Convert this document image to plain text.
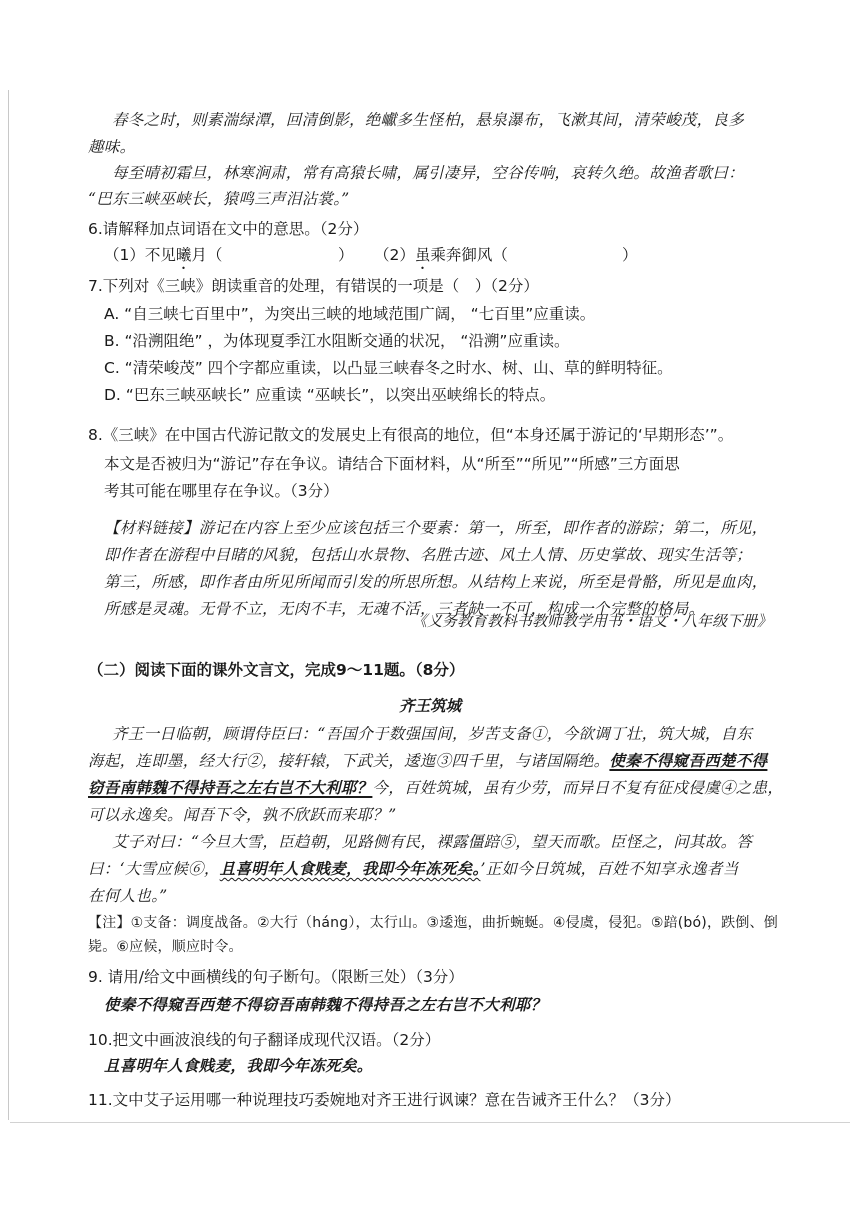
春冬之时，则素湍绿潭，回清倒影，绝巘多生怪柏，悬泉瀑布，飞漱其间，清荣峻茂，良多
趣味。
每至晴初霜旦，林寒涧肃，常有高猿长啸，属引凄异，空谷传响，哀转久绝。故渔者歌曰：
“巴东三峡巫峡长，猿鸣三声泪沾裳。”
6.请解释加点词语在文中的意思。（2分）
（1）不见曦月（	） （2）虽乘奔御风（	）
7.下列对《三峡》朗读重音的处理，有错误的一项是（　）（2分）
A. “自三峡七百里中”，为突出三峡的地域范围广阔， “七百里”应重读。
B. “沿溯阻绝” ，为体现夏季江水阻断交通的状况， “沿溯”应重读。
C. “清荣峻茂” 四个字都应重读，以凸显三峡春冬之时水、树、山、草的鲜明特征。
D. “巴东三峡巫峡长” 应重读 “巫峡长”，以突出巫峡绵长的特点。
8.《三峡》在中国古代游记散文的发展史上有很高的地位，但“本身还属于游记的‘早期形态’”。
本文是否被归为“游记”存在争议。请结合下面材料，从“所至”“所见”“所感”三方面思
考其可能在哪里存在争议。（3分）
【材料链接】游记在内容上至少应该包括三个要素：第一，所至，即作者的游踪；第二，所见，
即作者在游程中目睹的风貌，包括山水景物、名胜古迹、风土人情、历史掌故、现实生活等；
第三，所感，即作者由所见所闻而引发的所思所想。从结构上来说，所至是骨骼，所见是血肉，
所感是灵魂。无骨不立，无肉不丰，无魂不活，三者缺一不可，构成一个完整的格局。
《义务教育教科书教师教学用书・语文・八年级下册》
（二）阅读下面的课外文言文，完成9～11题。（8分）
齐王筑城
齐王一日临朝，顾谓侍臣曰：“吾国介于数强国间，岁苦支备①，今欲调丁壮，筑大城，自东
海起，连即墨，经大行②，接轩辕，下武关，逶迤③四千里，与诸国隔绝。使秦不得窥吾西楚不得
窃吾南韩魏不得持吾之左右岂不大利耶？今，百姓筑城，虽有少劳，而异日不复有征戍侵虞④之患，
可以永逸矣。闻吾下令，孰不欣跃而来耶？”
艾子对曰：“今旦大雪，臣趋朝，见路侧有民，裸露僵踣⑤，望天而歌。臣怪之，问其故。答
曰：‘大雪应候⑥，且喜明年人食贱麦，我即今年冻死矣。’正如今日筑城，百姓不知享永逸者当
在何人也。”
【注】①支备：调度战备。②大行（háng），太行山。③逶迤，曲折蜿蜒。④侵虞，侵犯。⑤踣(bó)，跌倒、倒
毙。⑥应候，顺应时令。
9. 请用/给文中画横线的句子断句。（限断三处）（3分）
使秦不得窥吾西楚不得窃吾南韩魏不得持吾之左右岂不大利耶？
10.把文中画波浪线的句子翻译成现代汉语。（2分）
且喜明年人食贱麦，我即今年冻死矣。
11.文中艾子运用哪一种说理技巧委婉地对齐王进行讽谏？意在告诫齐王什么？（3分）
